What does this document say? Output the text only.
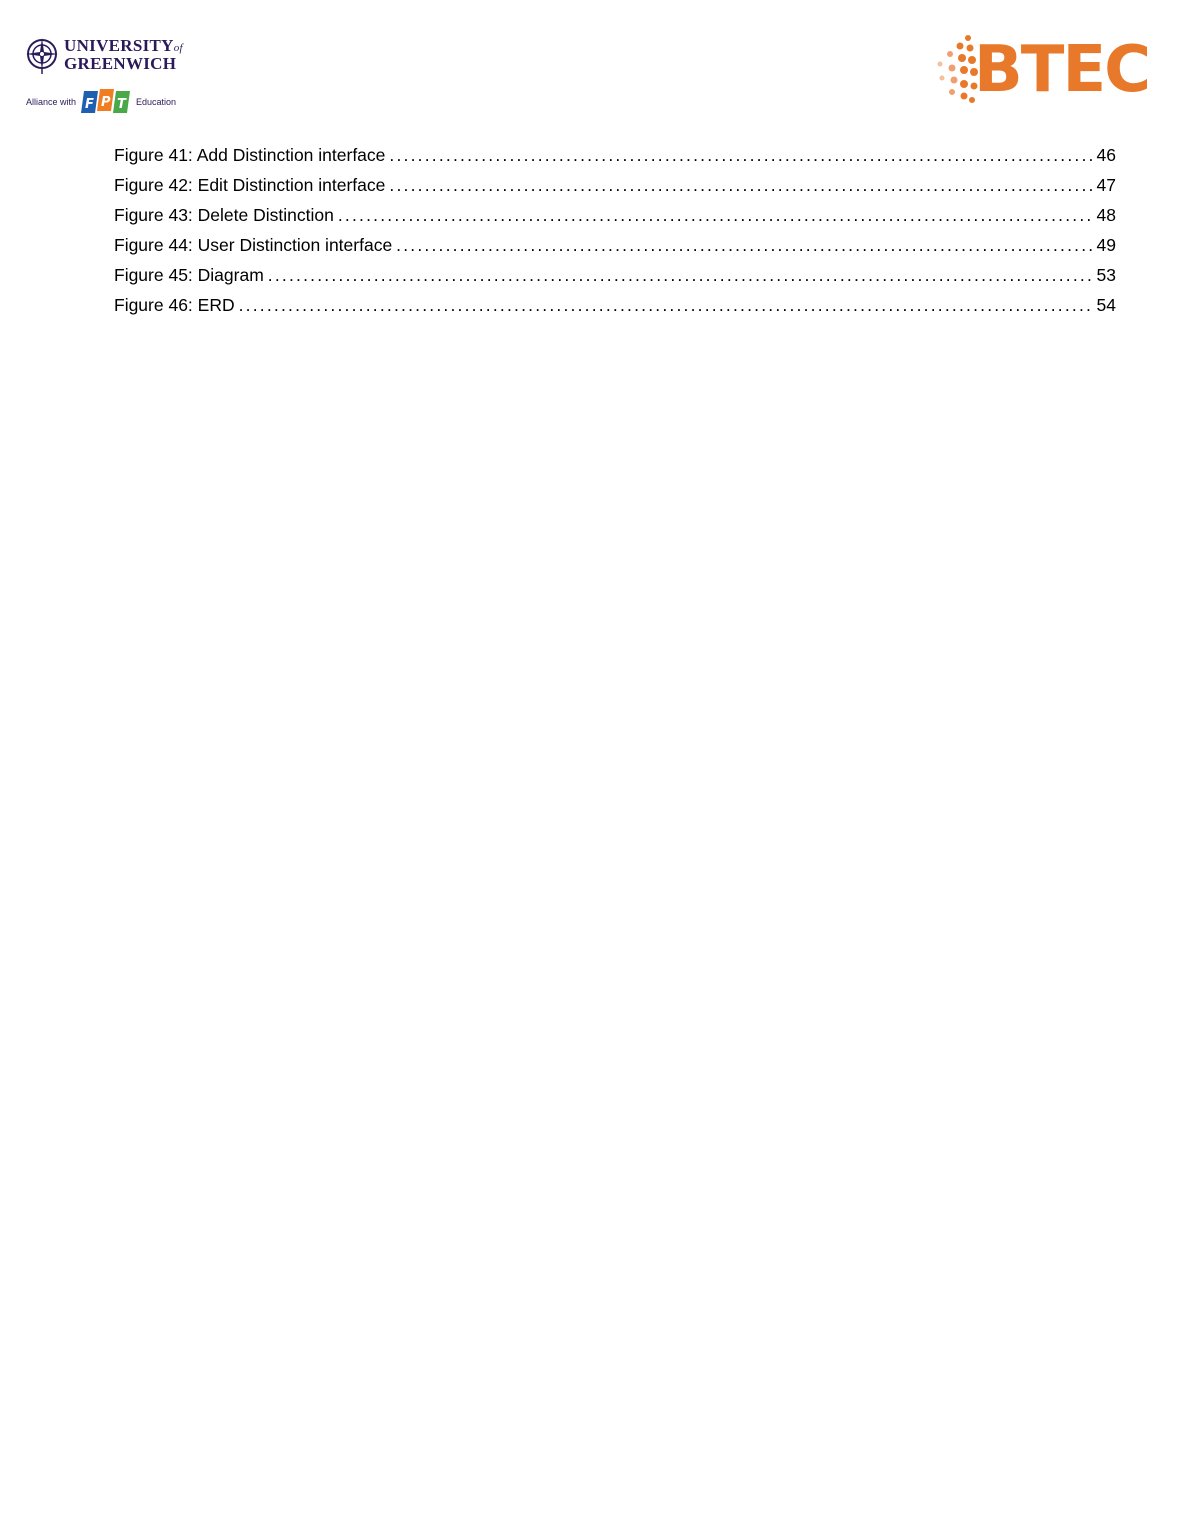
UNIVERSITYof
GREENWICH
Alliance with F P T Education	BTEC
Figure 41: Add Distinction interface .....	46
Figure 42: Edit Distinction interface .....	47
Figure 43: Delete Distinction .....	48
Figure 44: User Distinction interface .....	49
Figure 45: Diagram .....	53
Figure 46: ERD .....	54
